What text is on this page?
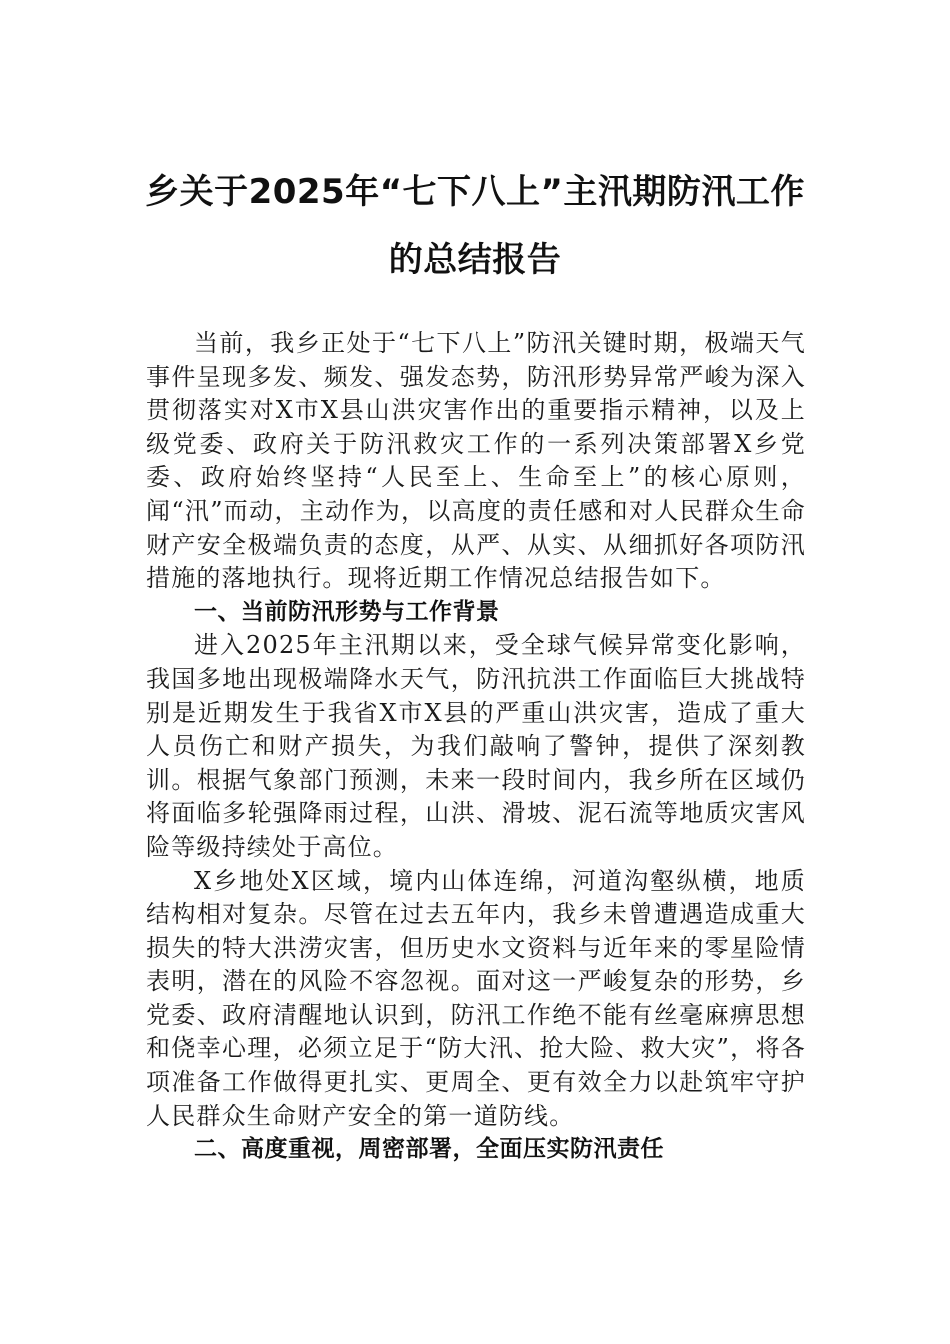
乡关于2025年“七下八上”主汛期防汛工作的总结报告

当前，我乡正处于“七下八上”防汛关键时期，极端天气事件呈现多发、频发、强发态势，防汛形势异常严峻为深入贯彻落实对X市X县山洪灾害作出的重要指示精神，以及上级党委、政府关于防汛救灾工作的一系列决策部署X乡党委、政府始终坚持“人民至上、生命至上”的核心原则，闻“汛”而动，主动作为，以高度的责任感和对人民群众生命财产安全极端负责的态度，从严、从实、从细抓好各项防汛措施的落地执行。现将近期工作情况总结报告如下。

一、当前防汛形势与工作背景

进入2025年主汛期以来，受全球气候异常变化影响，我国多地出现极端降水天气，防汛抗洪工作面临巨大挑战特别是近期发生于我省X市X县的严重山洪灾害，造成了重大人员伤亡和财产损失，为我们敲响了警钟，提供了深刻教训。根据气象部门预测，未来一段时间内，我乡所在区域仍将面临多轮强降雨过程，山洪、滑坡、泥石流等地质灾害风险等级持续处于高位。

X乡地处X区域，境内山体连绵，河道沟壑纵横，地质结构相对复杂。尽管在过去五年内，我乡未曾遭遇造成重大损失的特大洪涝灾害，但历史水文资料与近年来的零星险情表明，潜在的风险不容忽视。面对这一严峻复杂的形势，乡党委、政府清醒地认识到，防汛工作绝不能有丝毫麻痹思想和侥幸心理，必须立足于“防大汛、抢大险、救大灾”，将各项准备工作做得更扎实、更周全、更有效全力以赴筑牢守护人民群众生命财产安全的第一道防线。

二、高度重视，周密部署，全面压实防汛责任
